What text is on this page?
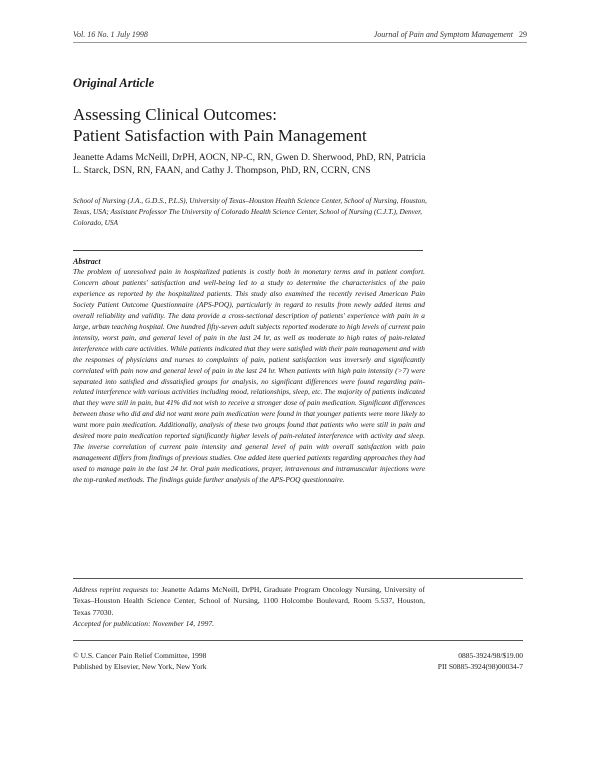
Vol. 16 No. 1 July 1998	Journal of Pain and Symptom Management 29
Original Article
Assessing Clinical Outcomes:
Patient Satisfaction with Pain Management
Jeanette Adams McNeill, DrPH, AOCN, NP-C, RN, Gwen D. Sherwood, PhD, RN, Patricia L. Starck, DSN, RN, FAAN, and Cathy J. Thompson, PhD, RN, CCRN, CNS
School of Nursing (J.A., G.D.S., P.L.S), University of Texas–Houston Health Science Center, School of Nursing, Houston, Texas, USA; Assistant Professor The University of Colorado Health Science Center, School of Nursing (C.J.T.), Denver, Colorado, USA
Abstract
The problem of unresolved pain in hospitalized patients is costly both in monetary terms and in patient comfort. Concern about patients' satisfaction and well-being led to a study to determine the characteristics of the pain experience as reported by the hospitalized patients. This study also examined the recently revised American Pain Society Patient Outcome Questionnaire (APS-POQ), particularly in regard to results from newly added items and overall reliability and validity. The data provide a cross-sectional description of patients' experience with pain in a large, urban teaching hospital. One hundred fifty-seven adult subjects reported moderate to high levels of current pain intensity, worst pain, and general level of pain in the last 24 hr, as well as moderate to high rates of pain-related interference with care activities. While patients indicated that they were satisfied with their pain management and with the responses of physicians and nurses to complaints of pain, patient satisfaction was inversely and significantly correlated with pain now and general level of pain in the last 24 hr. When patients with high pain intensity (>7) were separated into satisfied and dissatisfied groups for analysis, no significant differences were found regarding pain-related interference with various activities including mood, relationships, sleep, etc. The majority of patients indicated that they were still in pain, but 41% did not wish to receive a stronger dose of pain medication. Significant differences between those who did and did not want more pain medication were found in that younger patients were more likely to want more pain medication. Additionally, analysis of these two groups found that patients who were still in pain and desired more pain medication reported significantly higher levels of pain-related interference with activity and sleep. The inverse correlation of current pain intensity and general level of pain with overall satisfaction with pain management differs from findings of previous studies. One added item queried patients regarding approaches they had used to manage pain in the last 24 hr. Oral pain medications, prayer, intravenous and intramuscular injections were the top-ranked methods. The findings guide further analysis of the APS-POQ questionnaire.
Address reprint requests to: Jeanette Adams McNeill, DrPH, Graduate Program Oncology Nursing, University of Texas–Houston Health Science Center, School of Nursing, 1100 Holcombe Boulevard, Room 5.537, Houston, Texas 77030.
Accepted for publication: November 14, 1997.
© U.S. Cancer Pain Relief Committee, 1998
Published by Elsevier, New York, New York
0885-3924/98/$19.00
PII S0885-3924(98)00034-7
